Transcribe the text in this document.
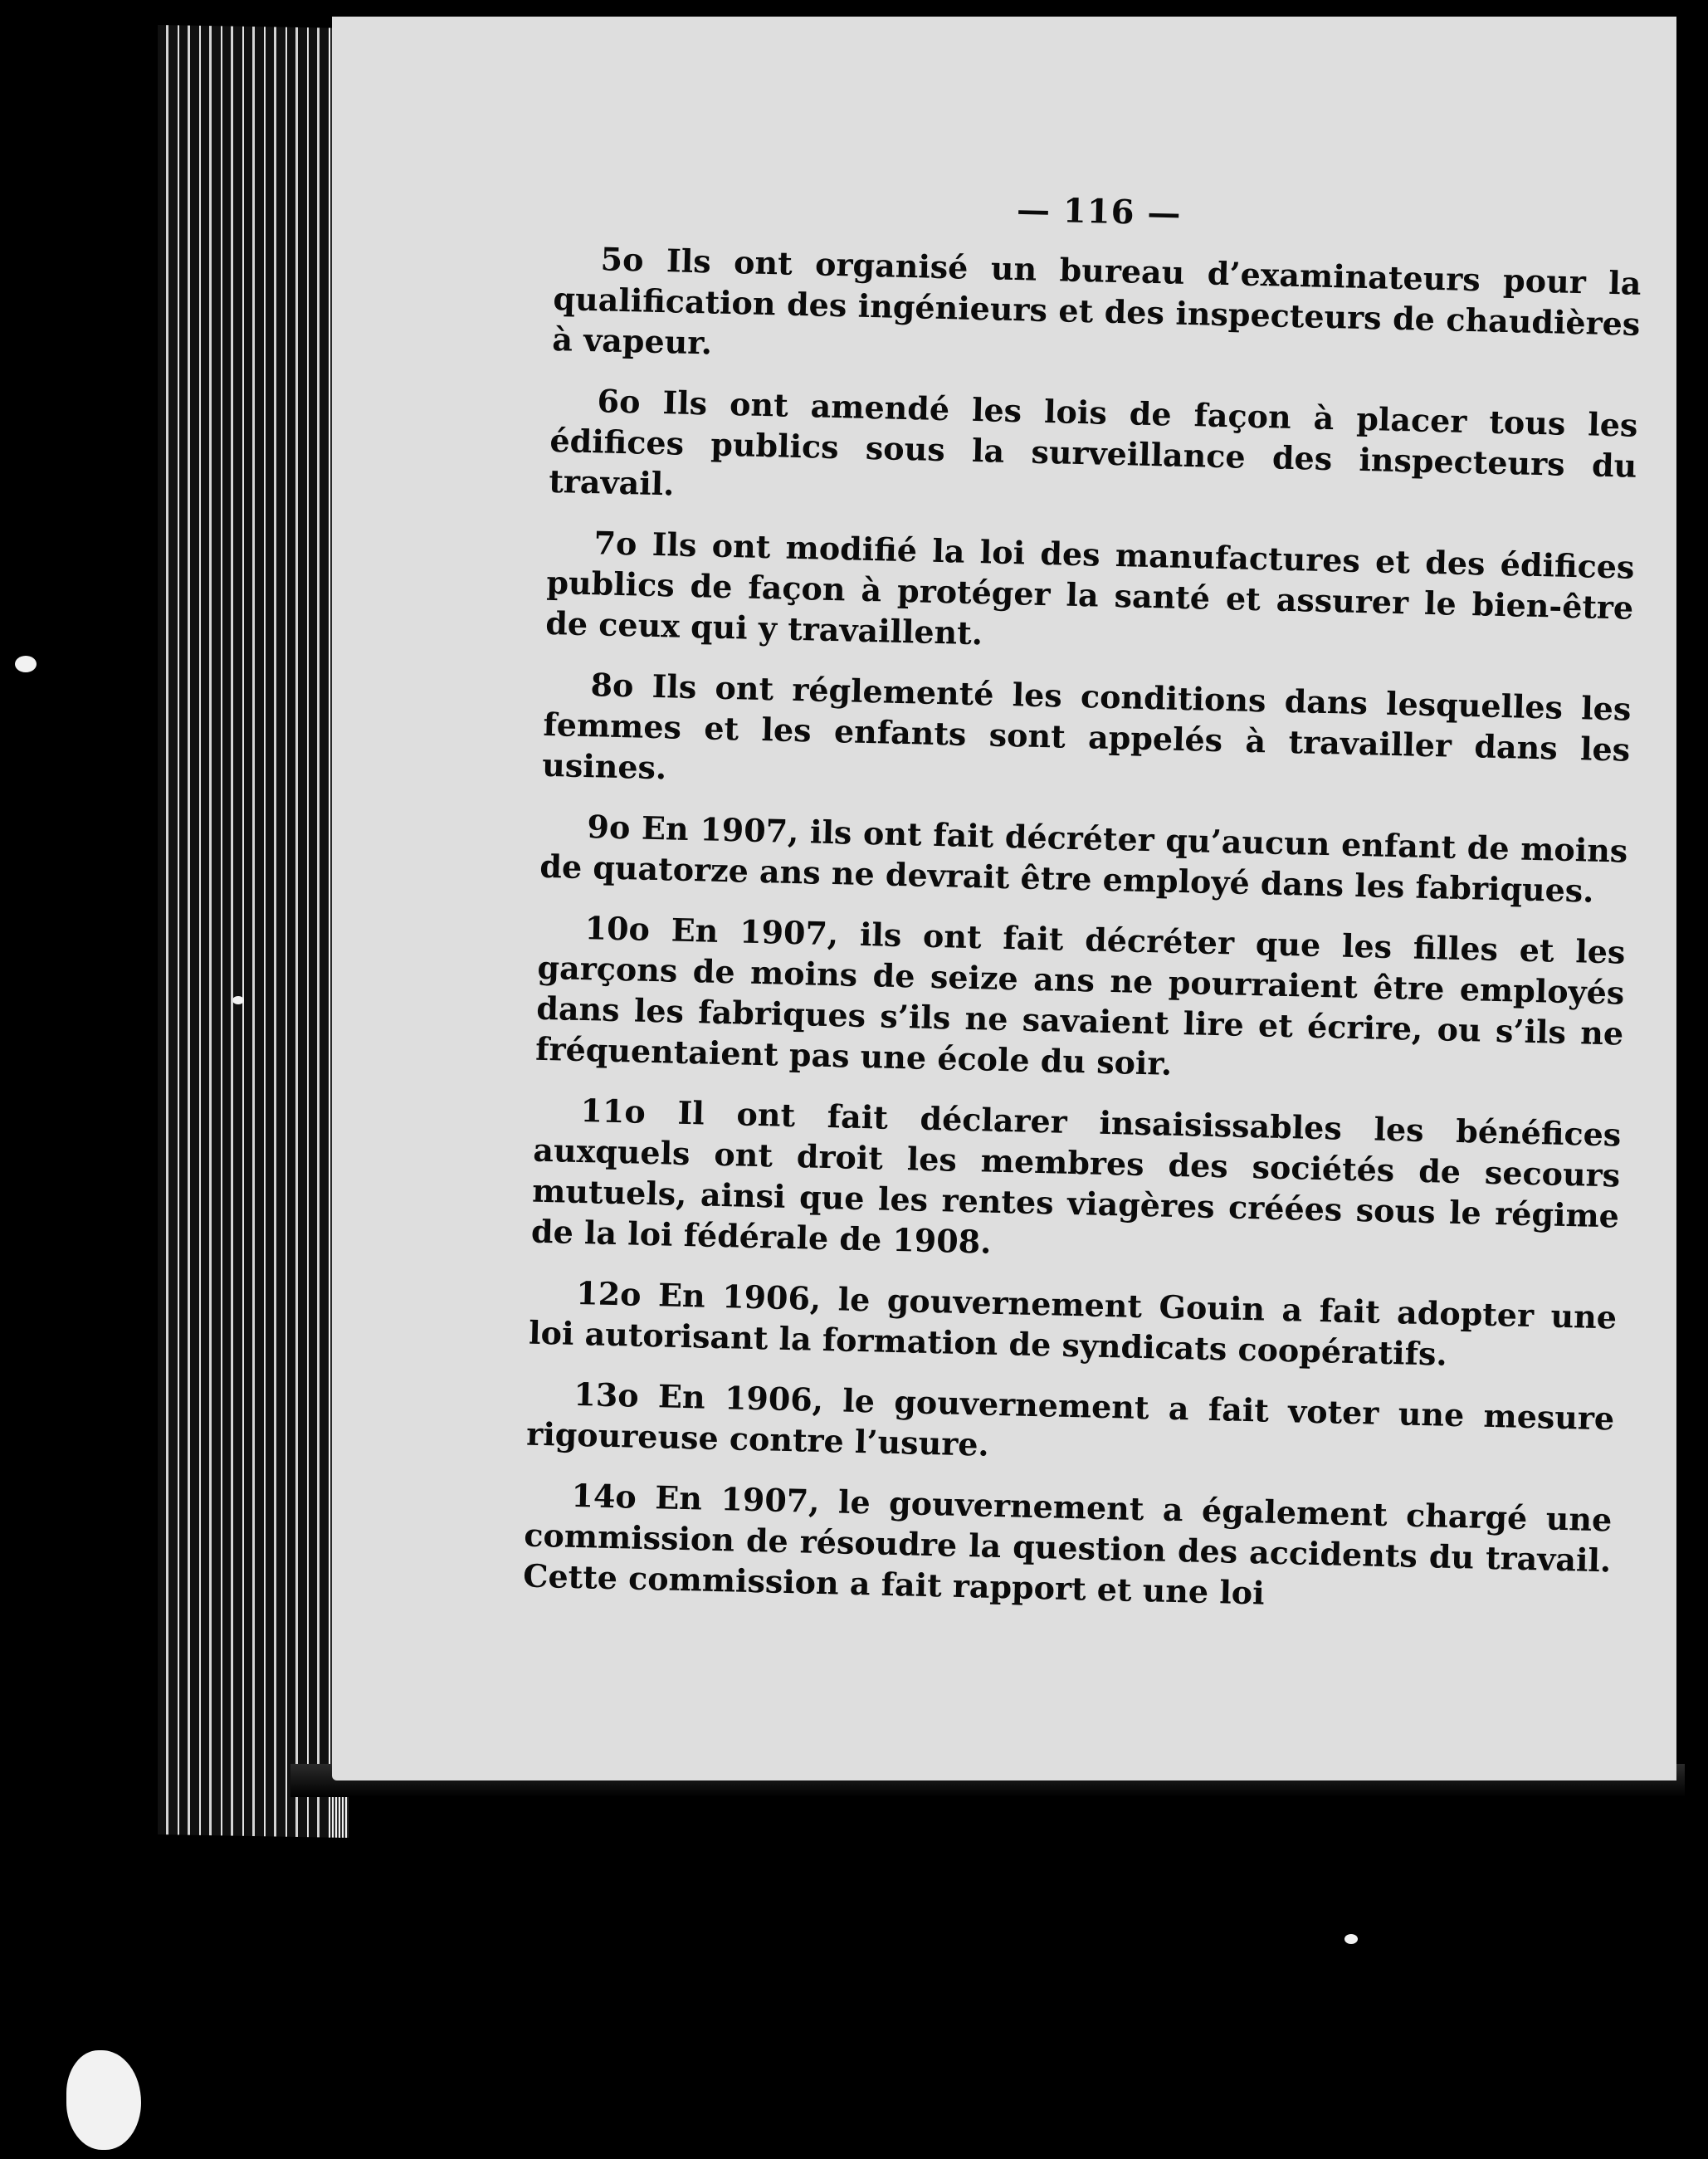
— 116 —

5o Ils ont organisé un bureau d’examinateurs pour la qualification des ingénieurs et des inspecteurs de chaudières à vapeur.

6o Ils ont amendé les lois de façon à placer tous les édifices publics sous la surveillance des inspecteurs du travail.

7o Ils ont modifié la loi des manufactures et des édifices publics de façon à protéger la santé et assurer le bien-être de ceux qui y travaillent.

8o Ils ont réglementé les conditions dans lesquelles les femmes et les enfants sont appelés à travailler dans les usines.

9o En 1907, ils ont fait décréter qu’aucun enfant de moins de quatorze ans ne devrait être employé dans les fabriques.

10o En 1907, ils ont fait décréter que les filles et les garçons de moins de seize ans ne pourraient être employés dans les fabriques s’ils ne savaient lire et écrire, ou s’ils ne fréquentaient pas une école du soir.

11o Il ont fait déclarer insaisissables les bénéfices auxquels ont droit les membres des sociétés de secours mutuels, ainsi que les rentes viagères créées sous le régime de la loi fédérale de 1908.

12o En 1906, le gouvernement Gouin a fait adopter une loi autorisant la formation de syndicats coopératifs.

13o En 1906, le gouvernement a fait voter une mesure rigoureuse contre l’usure.

14o En 1907, le gouvernement a également chargé une commission de résoudre la question des accidents du travail. Cette commission a fait rapport et une loi
